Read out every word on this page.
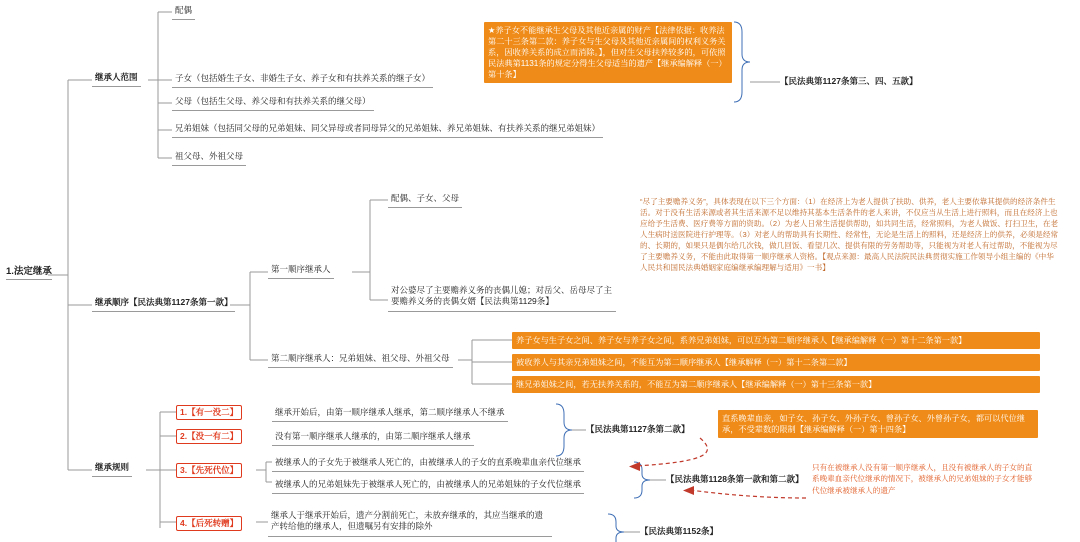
1.法定继承
继承人范围
配偶
子女（包括婚生子女、非婚生子女、养子女和有扶养关系的继子女）
父母（包括生父母、养父母和有扶养关系的继父母）
兄弟姐妹（包括同父母的兄弟姐妹、同父异母或者同母异父的兄弟姐妹、养兄弟姐妹、有扶养关系的继兄弟姐妹）
祖父母、外祖父母
★养子女不能继承生父母及其他近亲属的财产【法律依据：收养法第二十三条第二款：养子女与生父母及其他近亲属间的权利义务关系，因收养关系的成立而消除。】，但对生父母扶养较多的，可依照民法典第1131条的规定分得生父母适当的遗产【继承编解释（一）第十条】
【民法典第1127条第三、四、五款】
继承顺序【民法典第1127条第一款】
第一顺序继承人
配偶、子女、父母
对公婆尽了主要赡养义务的丧偶儿媳；对岳父、岳母尽了主要赡养义务的丧偶女婿【民法典第1129条】
“尽了主要赡养义务”，具体表现在以下三个方面：（1）在经济上为老人提供了扶助、供养，老人主要依靠其提供的经济条件生活。对于没有生活来源或者其生活来源不足以维持其基本生活条件的老人来讲，不仅应当从生活上进行照料，而且在经济上也应给予生活费、医疗费等方面的资助。（2）为老人日常生活提供帮助，如共同生活，经常照料，为老人做饭、打扫卫生，在老人生病时送医院进行护理等。（3）对老人的帮助具有长期性、经常性，无论是生活上的照料，还是经济上的供养，必须是经常的、长期的，如果只是偶尔给几次钱，做几回饭、看望几次、提供有限的劳务帮助等，只能视为对老人有过帮助，不能视为尽了主要赡养义务，不能由此取得第一顺序继承人资格。【观点来源：最高人民法院民法典贯彻实施工作领导小组主编的《中华人民共和国民法典婚姻家庭编继承编理解与适用》一书】
第二顺序继承人：兄弟姐妹、祖父母、外祖父母
养子女与生子女之间、养子女与养子女之间，系养兄弟姐妹，可以互为第二顺序继承人【继承编解释（一）第十二条第一款】
被收养人与其亲兄弟姐妹之间，不能互为第二顺序继承人【继承解释（一）第十二条第二款】
继兄弟姐妹之间，若无扶养关系的，不能互为第二顺序继承人【继承编解释（一）第十三条第一款】
继承规则
1.【有一没二】	继承开始后，由第一顺序继承人继承，第二顺序继承人不继承
2.【没一有二】	没有第一顺序继承人继承的，由第二顺序继承人继承
3.【先死代位】
被继承人的子女先于被继承人死亡的，由被继承人的子女的直系晚辈血亲代位继承
被继承人的兄弟姐妹先于被继承人死亡的，由被继承人的兄弟姐妹的子女代位继承
4.【后死转赠】
继承人于继承开始后，遗产分割前死亡，未放弃继承的，其应当继承的遗产转给他的继承人，但遗嘱另有安排的除外
【民法典第1127条第二款】
【民法典第1128条第一款和第二款】
【民法典第1152条】
直系晚辈血亲，如子女、孙子女、外孙子女、曾孙子女、外曾孙子女，都可以代位继承，不受辈数的限制【继承编解释（一）第十四条】
只有在被继承人没有第一顺序继承人，且没有被继承人的子女的直系晚辈血亲代位继承的情况下，被继承人的兄弟姐妹的子女才能够代位继承被继承人的遗产
